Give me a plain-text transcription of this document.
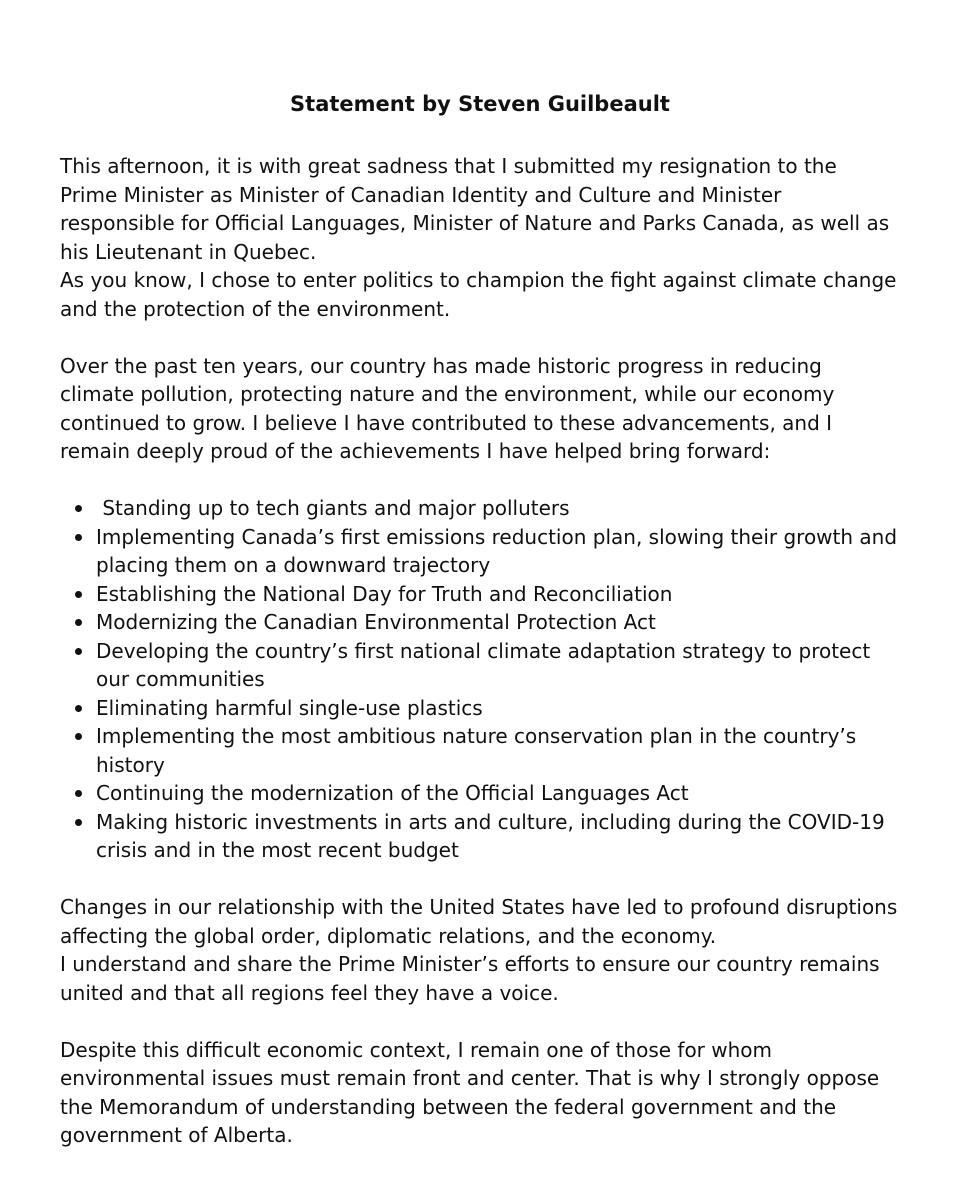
Statement by Steven Guilbeault

This afternoon, it is with great sadness that I submitted my resignation to the Prime Minister as Minister of Canadian Identity and Culture and Minister responsible for Official Languages, Minister of Nature and Parks Canada, as well as his Lieutenant in Quebec.

As you know, I chose to enter politics to champion the fight against climate change and the protection of the environment.

Over the past ten years, our country has made historic progress in reducing climate pollution, protecting nature and the environment, while our economy continued to grow. I believe I have contributed to these advancements, and I remain deeply proud of the achievements I have helped bring forward:

Standing up to tech giants and major polluters
Implementing Canada’s first emissions reduction plan, slowing their growth and placing them on a downward trajectory
Establishing the National Day for Truth and Reconciliation
Modernizing the Canadian Environmental Protection Act
Developing the country’s first national climate adaptation strategy to protect our communities
Eliminating harmful single-use plastics
Implementing the most ambitious nature conservation plan in the country’s history
Continuing the modernization of the Official Languages Act
Making historic investments in arts and culture, including during the COVID-19 crisis and in the most recent budget

Changes in our relationship with the United States have led to profound disruptions affecting the global order, diplomatic relations, and the economy.

I understand and share the Prime Minister’s efforts to ensure our country remains united and that all regions feel they have a voice.

Despite this difficult economic context, I remain one of those for whom environmental issues must remain front and center. That is why I strongly oppose the Memorandum of understanding between the federal government and the government of Alberta.
